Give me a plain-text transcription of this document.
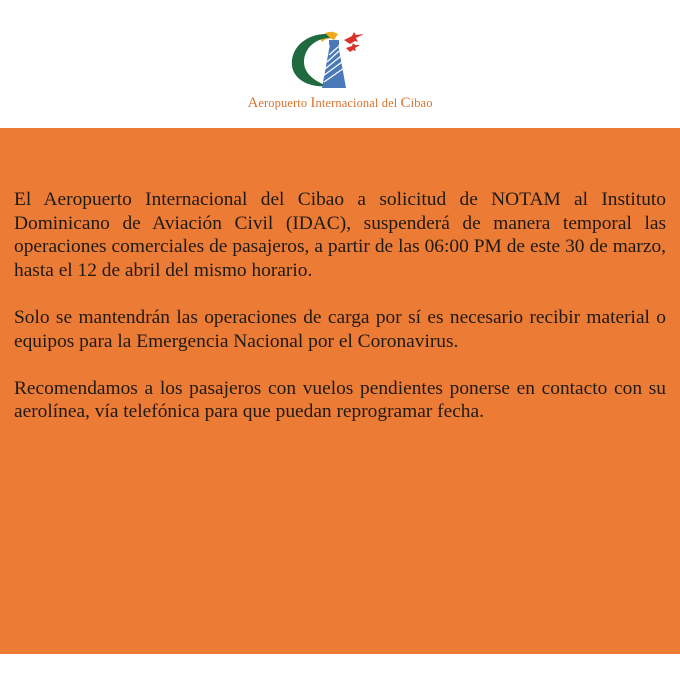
Aeropuerto Internacional del Cibao

El Aeropuerto Internacional del Cibao a solicitud de NOTAM al Instituto Dominicano de Aviación Civil (IDAC), suspenderá de manera temporal las operaciones comerciales de pasajeros, a partir de las 06:00 PM de este 30 de marzo, hasta el 12 de abril del mismo horario.

Solo se mantendrán las operaciones de carga por sí es necesario recibir material o equipos para la Emergencia Nacional por el Coronavirus.

Recomendamos a los pasajeros con vuelos pendientes ponerse en contacto con su aerolínea, vía telefónica para que puedan reprogramar fecha.
